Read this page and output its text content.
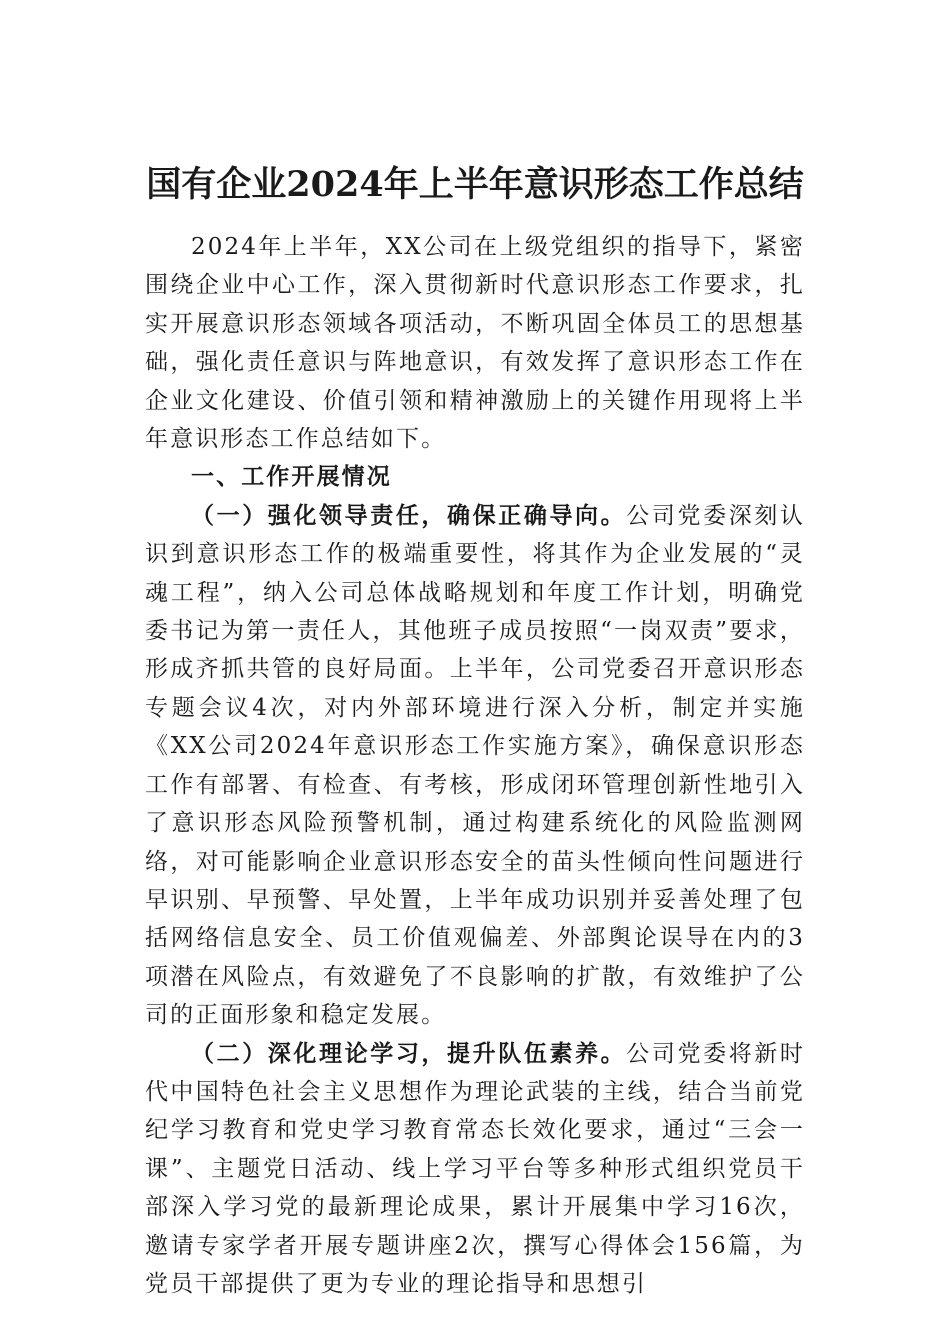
国有企业2024年上半年意识形态工作总结

2024年上半年，XX公司在上级党组织的指导下，紧密围绕企业中心工作，深入贯彻新时代意识形态工作要求，扎实开展意识形态领域各项活动，不断巩固全体员工的思想基础，强化责任意识与阵地意识，有效发挥了意识形态工作在企业文化建设、价值引领和精神激励上的关键作用现将上半年意识形态工作总结如下。

一、工作开展情况

（一）强化领导责任，确保正确导向。公司党委深刻认识到意识形态工作的极端重要性，将其作为企业发展的“灵魂工程”，纳入公司总体战略规划和年度工作计划，明确党委书记为第一责任人，其他班子成员按照“一岗双责”要求，形成齐抓共管的良好局面。上半年，公司党委召开意识形态专题会议4次，对内外部环境进行深入分析，制定并实施《XX公司2024年意识形态工作实施方案》，确保意识形态工作有部署、有检查、有考核，形成闭环管理创新性地引入了意识形态风险预警机制，通过构建系统化的风险监测网络，对可能影响企业意识形态安全的苗头性倾向性问题进行早识别、早预警、早处置，上半年成功识别并妥善处理了包括网络信息安全、员工价值观偏差、外部舆论误导在内的3项潜在风险点，有效避免了不良影响的扩散，有效维护了公司的正面形象和稳定发展。

（二）深化理论学习，提升队伍素养。公司党委将新时代中国特色社会主义思想作为理论武装的主线，结合当前党纪学习教育和党史学习教育常态长效化要求，通过“三会一课”、主题党日活动、线上学习平台等多种形式组织党员干部深入学习党的最新理论成果，累计开展集中学习16次，邀请专家学者开展专题讲座2次，撰写心得体会156篇，为党员干部提供了更为专业的理论指导和思想引
